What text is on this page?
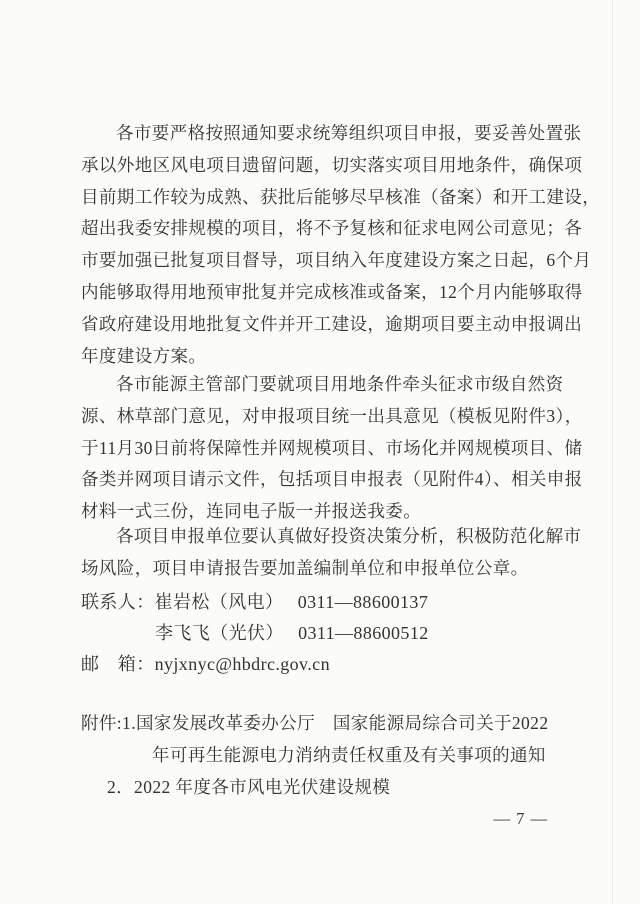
各市要严格按照通知要求统筹组织项目申报，要妥善处置张
承以外地区风电项目遗留问题，切实落实项目用地条件，确保项
目前期工作较为成熟、获批后能够尽早核准（备案）和开工建设，
超出我委安排规模的项目，将不予复核和征求电网公司意见；各
市要加强已批复项目督导，项目纳入年度建设方案之日起，6个月
内能够取得用地预审批复并完成核准或备案，12个月内能够取得
省政府建设用地批复文件并开工建设，逾期项目要主动申报调出
年度建设方案。
各市能源主管部门要就项目用地条件牵头征求市级自然资
源、林草部门意见，对申报项目统一出具意见（模板见附件3），
于11月30日前将保障性并网规模项目、市场化并网规模项目、储
备类并网项目请示文件，包括项目申报表（见附件4）、相关申报
材料一式三份，连同电子版一并报送我委。
各项目申报单位要认真做好投资决策分析，积极防范化解市
场风险，项目申请报告要加盖编制单位和申报单位公章。
联系人：崔岩松（风电）　 0311—88600137
李飞飞（光伏）　 0311—88600512
邮　箱：nyjxnyc@hbdrc.gov.cn
附件:1.国家发展改革委办公厅　国家能源局综合司关于2022
年可再生能源电力消纳责任权重及有关事项的通知
2．2022 年度各市风电光伏建设规模
— 7 —
